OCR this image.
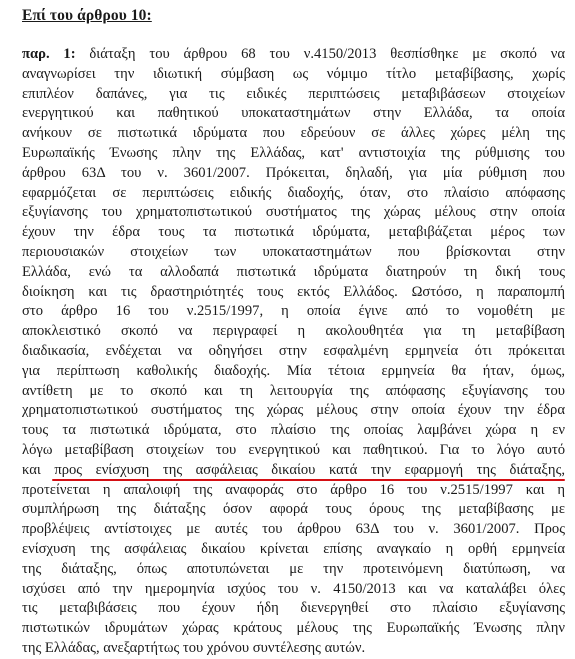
Επί του άρθρου 10:
παρ. 1: διάταξη του άρθρου 68 του ν.4150/2013 θεσπίσθηκε με σκοπό να
αναγνωρίσει την ιδιωτική σύμβαση ως νόμιμο τίτλο μεταβίβασης, χωρίς
επιπλέον δαπάνες, για τις ειδικές περιπτώσεις μεταβιβάσεων στοιχείων
ενεργητικού και παθητικού υποκαταστημάτων στην Ελλάδα, τα οποία
ανήκουν σε πιστωτικά ιδρύματα που εδρεύουν σε άλλες χώρες μέλη της
Ευρωπαϊκής Ένωσης πλην της Ελλάδας, κατ' αντιστοιχία της ρύθμισης του
άρθρου 63Δ του ν. 3601/2007. Πρόκειται, δηλαδή, για μία ρύθμιση που
εφαρμόζεται σε περιπτώσεις ειδικής διαδοχής, όταν, στο πλαίσιο απόφασης
εξυγίανσης του χρηματοπιστωτικού συστήματος της χώρας μέλους στην οποία
έχουν την έδρα τους τα πιστωτικά ιδρύματα, μεταβιβάζεται μέρος των
περιουσιακών στοιχείων των υποκαταστημάτων που βρίσκονται στην
Ελλάδα, ενώ τα αλλοδαπά πιστωτικά ιδρύματα διατηρούν τη δική τους
διοίκηση και τις δραστηριότητές τους εκτός Ελλάδος. Ωστόσο, η παραπομπή
στο άρθρο 16 του ν.2515/1997, η οποία έγινε από το νομοθέτη με
αποκλειστικό σκοπό να περιγραφεί η ακολουθητέα για τη μεταβίβαση
διαδικασία, ενδέχεται να οδηγήσει στην εσφαλμένη ερμηνεία ότι πρόκειται
για περίπτωση καθολικής διαδοχής. Μία τέτοια ερμηνεία θα ήταν, όμως,
αντίθετη με το σκοπό και τη λειτουργία της απόφασης εξυγίανσης του
χρηματοπιστωτικού συστήματος της χώρας μέλους στην οποία έχουν την έδρα
τους τα πιστωτικά ιδρύματα, στο πλαίσιο της οποίας λαμβάνει χώρα η εν
λόγω μεταβίβαση στοιχείων του ενεργητικού και παθητικού. Για το λόγο αυτό
και προς ενίσχυση της ασφάλειας δικαίου κατά την εφαρμογή της διάταξης,
προτείνεται η απαλοιφή της αναφοράς στο άρθρο 16 του ν.2515/1997 και η
συμπλήρωση της διάταξης όσον αφορά τους όρους της μεταβίβασης με
προβλέψεις αντίστοιχες με αυτές του άρθρου 63Δ του ν. 3601/2007. Προς
ενίσχυση της ασφάλειας δικαίου κρίνεται επίσης αναγκαίο η ορθή ερμηνεία
της διάταξης, όπως αποτυπώνεται με την προτεινόμενη διατύπωση, να
ισχύσει από την ημερομηνία ισχύος του ν. 4150/2013 και να καταλάβει όλες
τις μεταβιβάσεις που έχουν ήδη διενεργηθεί στο πλαίσιο εξυγίανσης
πιστωτικών ιδρυμάτων χώρας κράτους μέλους της Ευρωπαϊκής Ένωσης πλην
της Ελλάδας, ανεξαρτήτως του χρόνου συντέλεσης αυτών.
